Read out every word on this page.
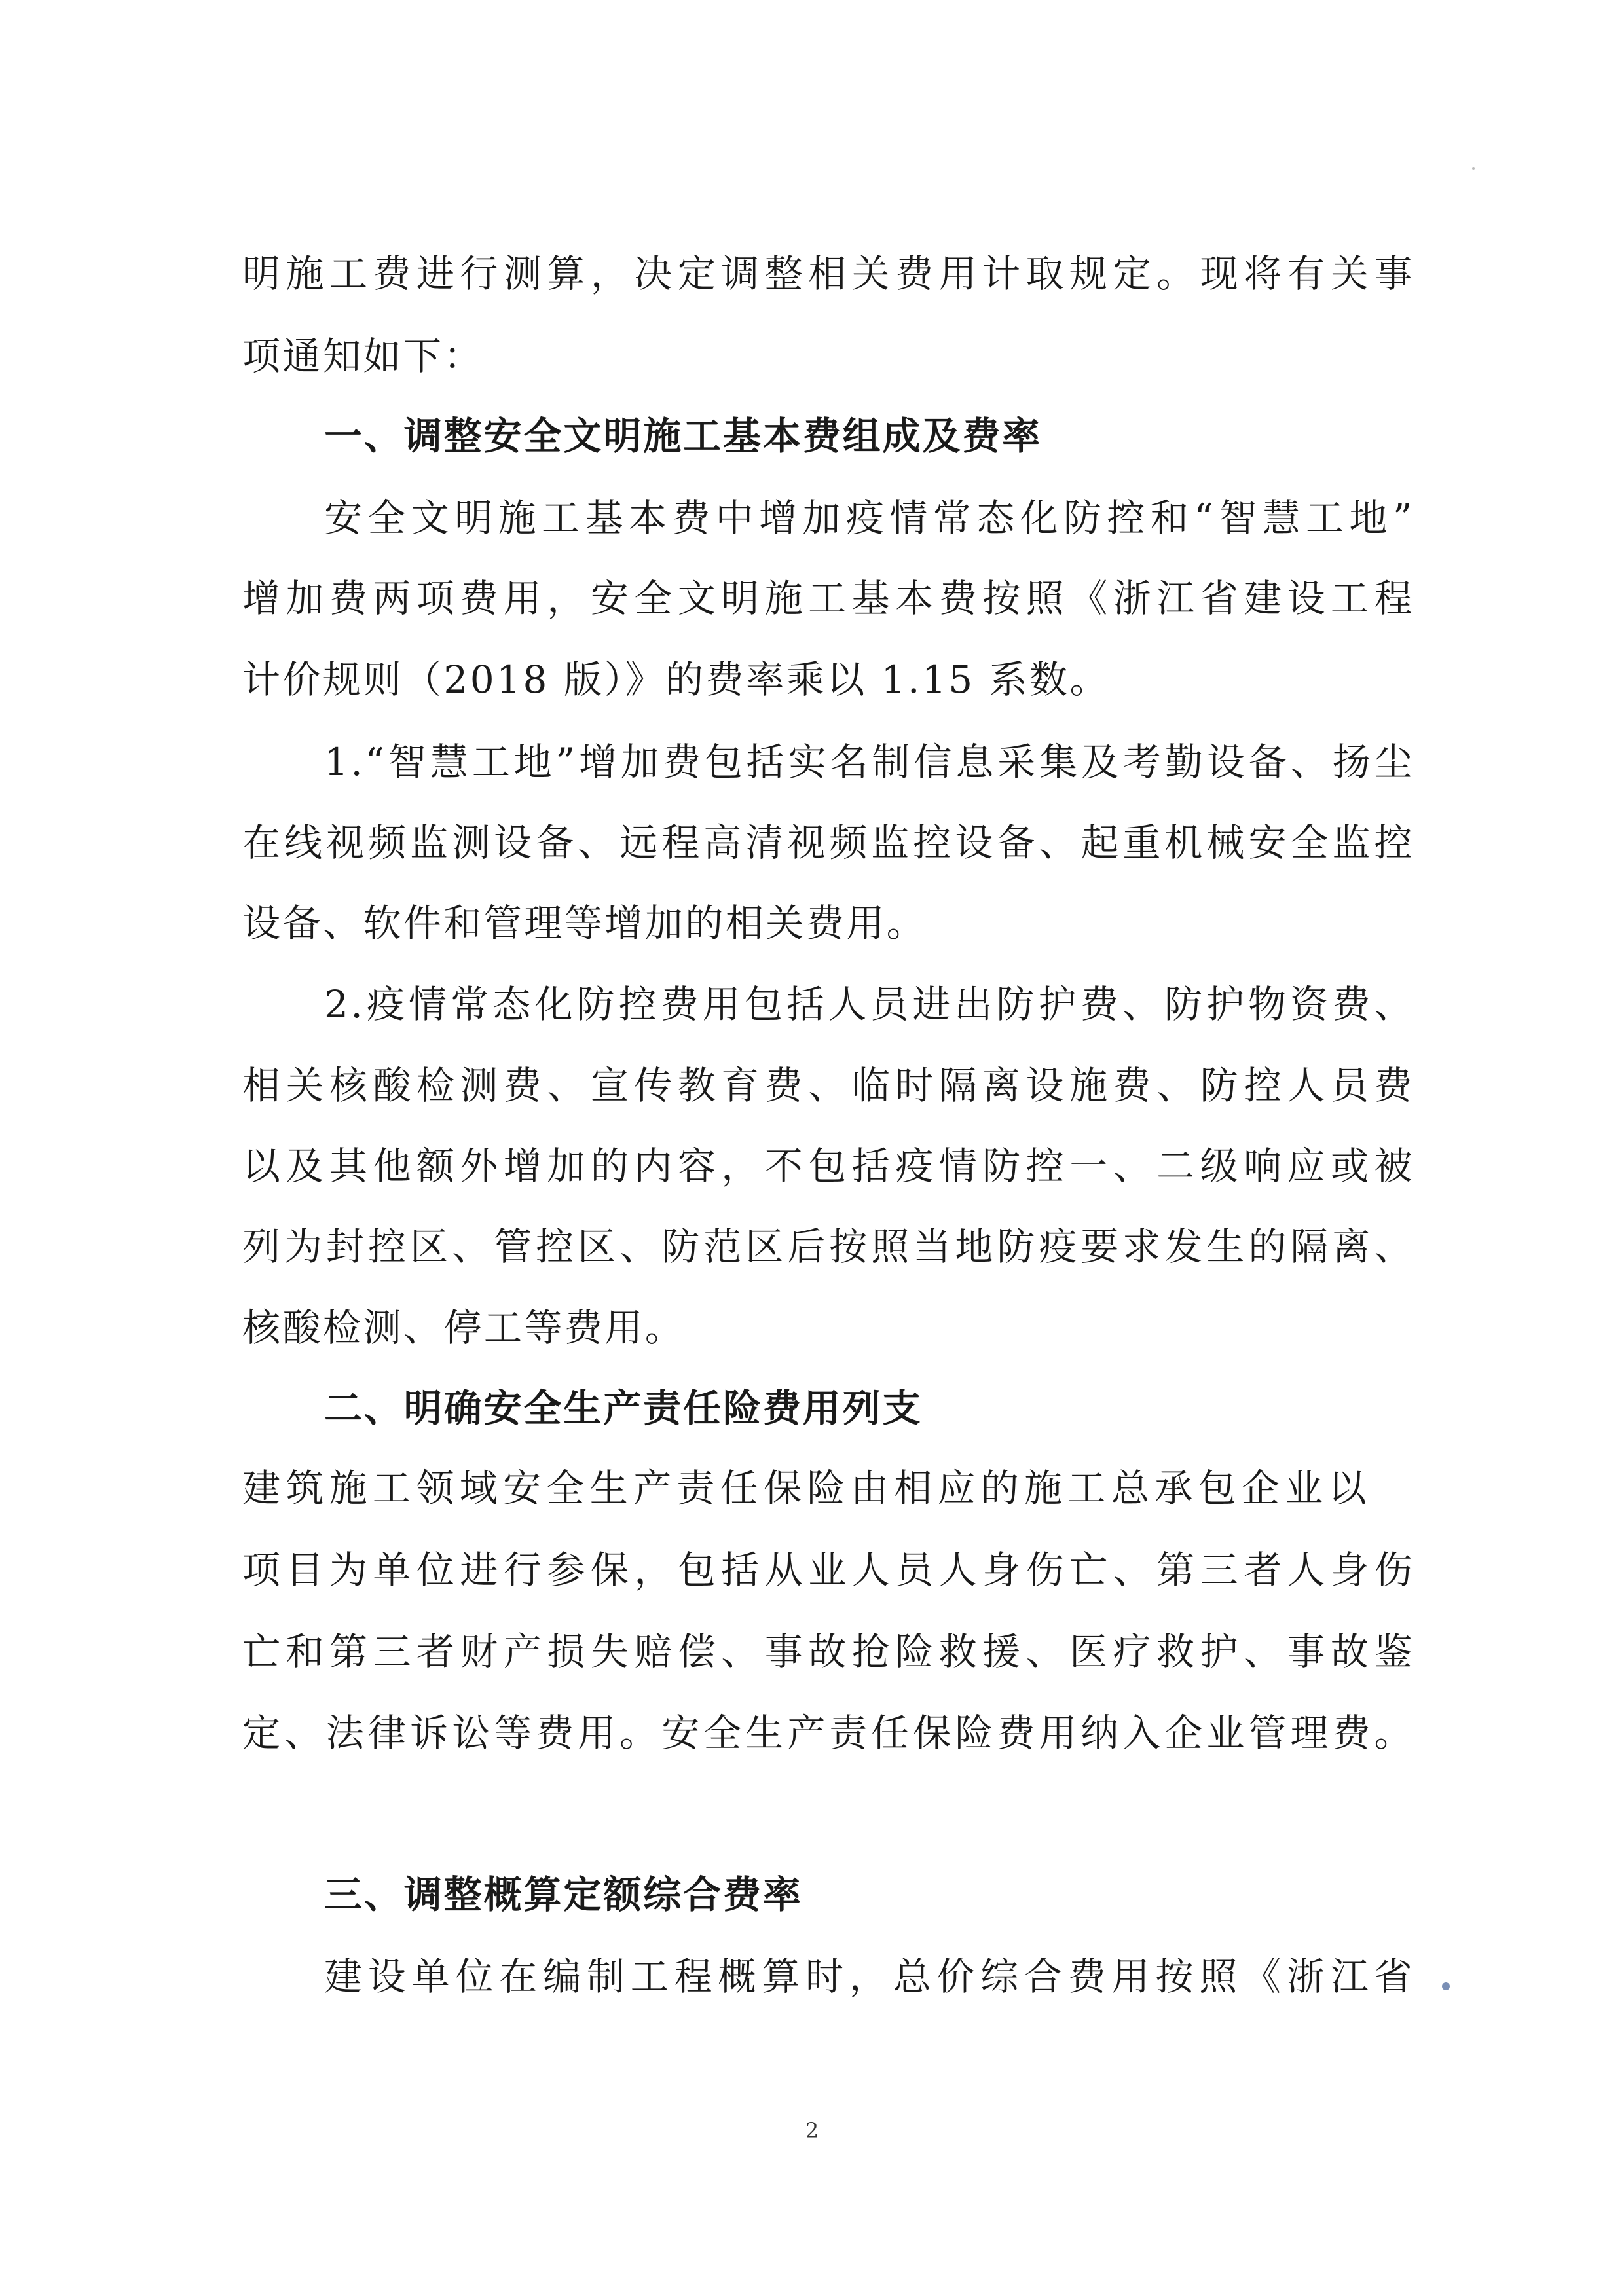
明施工费进行测算，决定调整相关费用计取规定。现将有关事
项通知如下：
一、调整安全文明施工基本费组成及费率
安全文明施工基本费中增加疫情常态化防控和“智慧工地”
增加费两项费用，安全文明施工基本费按照《浙江省建设工程
计价规则（2018 版）》的费率乘以 1.15 系数。
1.“智慧工地”增加费包括实名制信息采集及考勤设备、扬尘
在线视频监测设备、远程高清视频监控设备、起重机械安全监控
设备、软件和管理等增加的相关费用。
2.疫情常态化防控费用包括人员进出防护费、防护物资费、
相关核酸检测费、宣传教育费、临时隔离设施费、防控人员费
以及其他额外增加的内容，不包括疫情防控一、二级响应或被
列为封控区、管控区、防范区后按照当地防疫要求发生的隔离、
核酸检测、停工等费用。
二、明确安全生产责任险费用列支
建筑施工领域安全生产责任保险由相应的施工总承包企业以
项目为单位进行参保，包括从业人员人身伤亡、第三者人身伤
亡和第三者财产损失赔偿、事故抢险救援、医疗救护、事故鉴
定、法律诉讼等费用。安全生产责任保险费用纳入企业管理费。
三、调整概算定额综合费率
建设单位在编制工程概算时，总价综合费用按照《浙江省
2
